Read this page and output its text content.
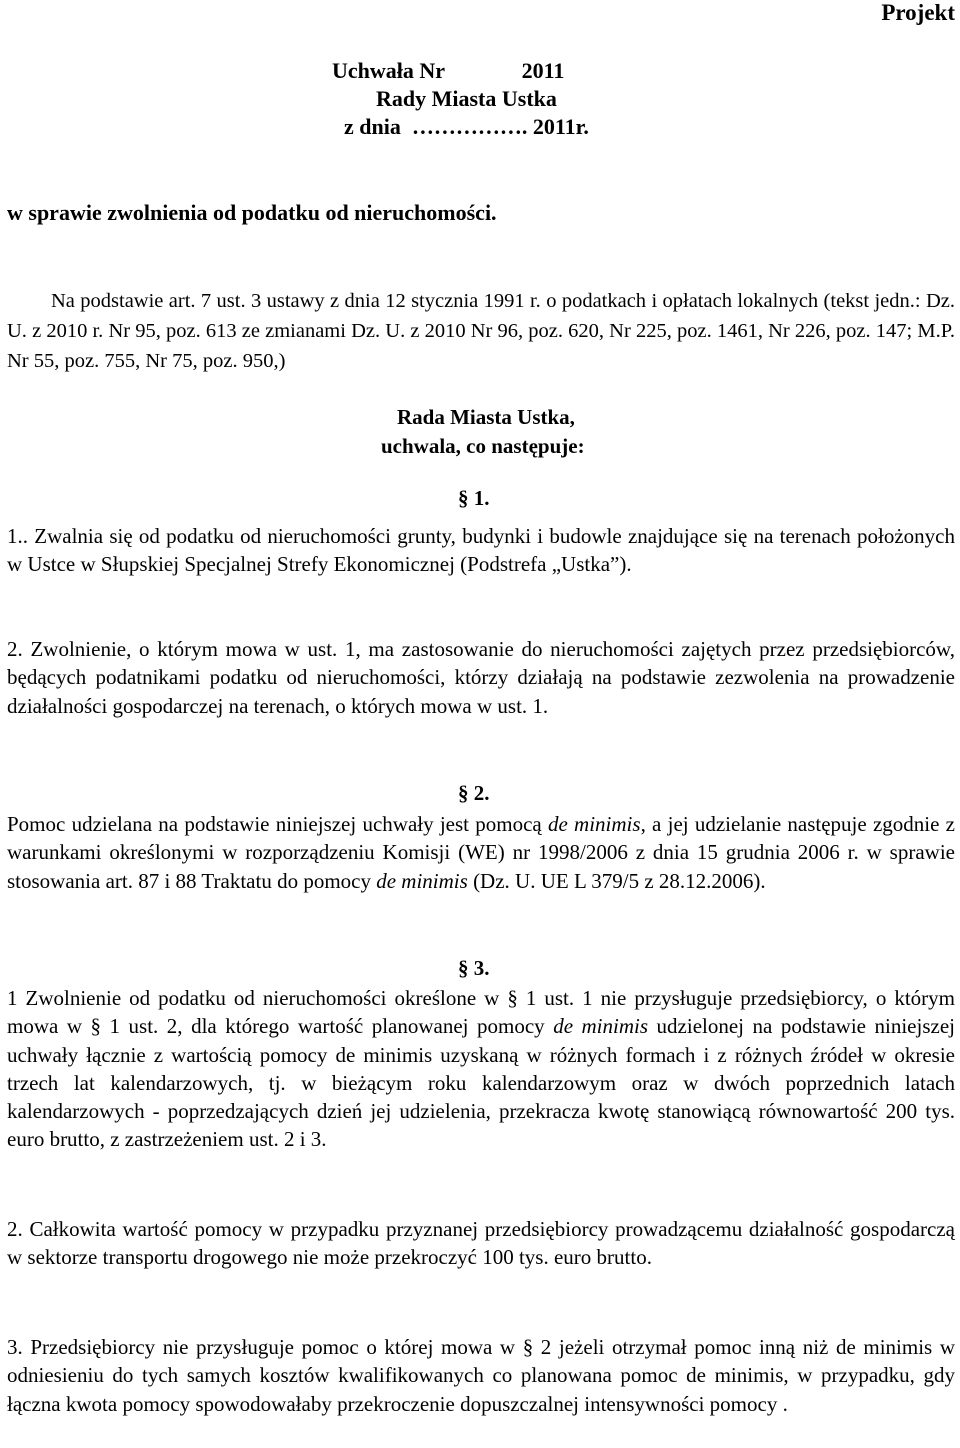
Projekt
Uchwała Nr              2011
Rady Miasta Ustka
z dnia  ……………. 2011r.
w sprawie zwolnienia od podatku od nieruchomości.
Na podstawie art. 7 ust. 3 ustawy z dnia 12 stycznia 1991 r. o podatkach i opłatach lokalnych (tekst jedn.: Dz. U. z 2010 r. Nr 95, poz. 613 ze zmianami Dz. U. z 2010 Nr 96, poz. 620, Nr 225, poz. 1461, Nr 226, poz. 147; M.P. Nr 55, poz. 755, Nr 75, poz. 950,)
Rada Miasta Ustka,
uchwala, co następuje:
§ 1.
1.. Zwalnia się od podatku od nieruchomości grunty, budynki i budowle znajdujące się na terenach położonych w Ustce w Słupskiej Specjalnej Strefy Ekonomicznej (Podstrefa „Ustka”).
2. Zwolnienie, o którym mowa w ust. 1, ma zastosowanie do nieruchomości zajętych przez przedsiębiorców, będących podatnikami podatku od nieruchomości, którzy działają na podstawie zezwolenia na prowadzenie działalności gospodarczej na terenach, o których mowa w ust. 1.
§ 2.
Pomoc udzielana na podstawie niniejszej uchwały jest pomocą de minimis, a jej udzielanie następuje zgodnie z warunkami określonymi w rozporządzeniu Komisji (WE) nr 1998/2006 z dnia 15 grudnia 2006 r. w sprawie stosowania art. 87 i 88 Traktatu do pomocy de minimis (Dz. U. UE L 379/5 z 28.12.2006).
§ 3.
1 Zwolnienie od podatku od nieruchomości określone w § 1 ust. 1 nie przysługuje przedsiębiorcy, o którym mowa w § 1 ust. 2, dla którego wartość planowanej pomocy de minimis udzielonej na podstawie niniejszej uchwały łącznie z wartością pomocy de minimis uzyskaną w różnych formach i z różnych źródeł w okresie trzech lat kalendarzowych, tj. w bieżącym roku kalendarzowym oraz w dwóch poprzednich latach kalendarzowych - poprzedzających dzień jej udzielenia, przekracza kwotę stanowiącą równowartość 200 tys. euro brutto, z zastrzeżeniem ust. 2 i 3.
2. Całkowita wartość pomocy w przypadku przyznanej przedsiębiorcy prowadzącemu działalność gospodarczą w sektorze transportu drogowego nie może przekroczyć 100 tys. euro brutto.
3. Przedsiębiorcy nie przysługuje pomoc o której mowa w § 2 jeżeli otrzymał pomoc inną niż de minimis w odniesieniu do tych samych kosztów kwalifikowanych co planowana pomoc de minimis, w przypadku, gdy łączna kwota pomocy spowodowałaby przekroczenie dopuszczalnej intensywności pomocy .
